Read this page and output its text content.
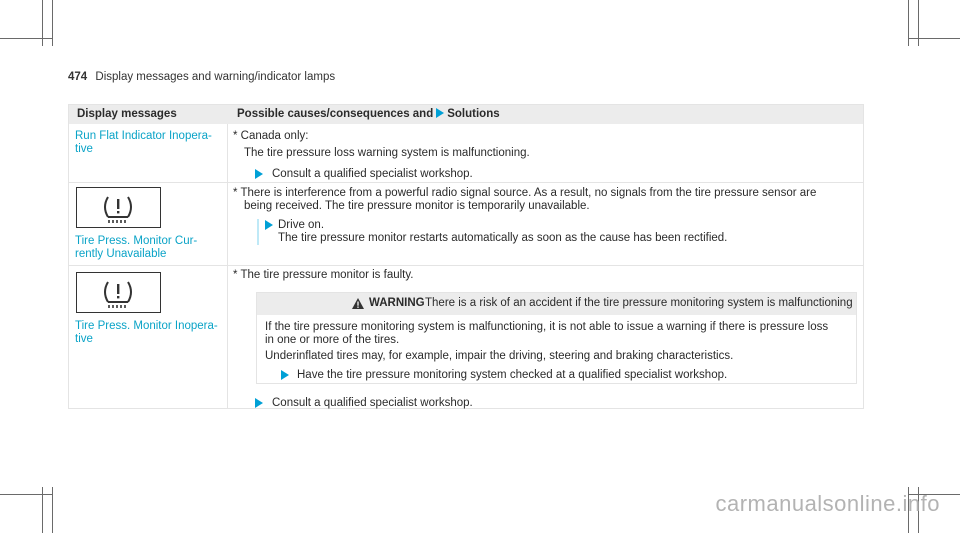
474 Display messages and warning/indicator lamps
Display messages	Possible causes/consequences and Solutions
Run Flat Indicator Inopera-
tive
* Canada only:
The tire pressure loss warning system is malfunctioning.
Consult a qualified specialist workshop.
Tire Press. Monitor Cur-
rently Unavailable
* There is interference from a powerful radio signal source. As a result, no signals from the tire pressure sensor are
being received. The tire pressure monitor is temporarily unavailable.
Drive on.
The tire pressure monitor restarts automatically as soon as the cause has been rectified.
Tire Press. Monitor Inopera-
tive
* The tire pressure monitor is faulty.
WARNING There is a risk of an accident if the tire pressure monitoring system is malfunctioning
If the tire pressure monitoring system is malfunctioning, it is not able to issue a warning if there is pressure loss
in one or more of the tires.
Underinflated tires may, for example, impair the driving, steering and braking characteristics.
Have the tire pressure monitoring system checked at a qualified specialist workshop.
Consult a qualified specialist workshop.
carmanualsonline.info
